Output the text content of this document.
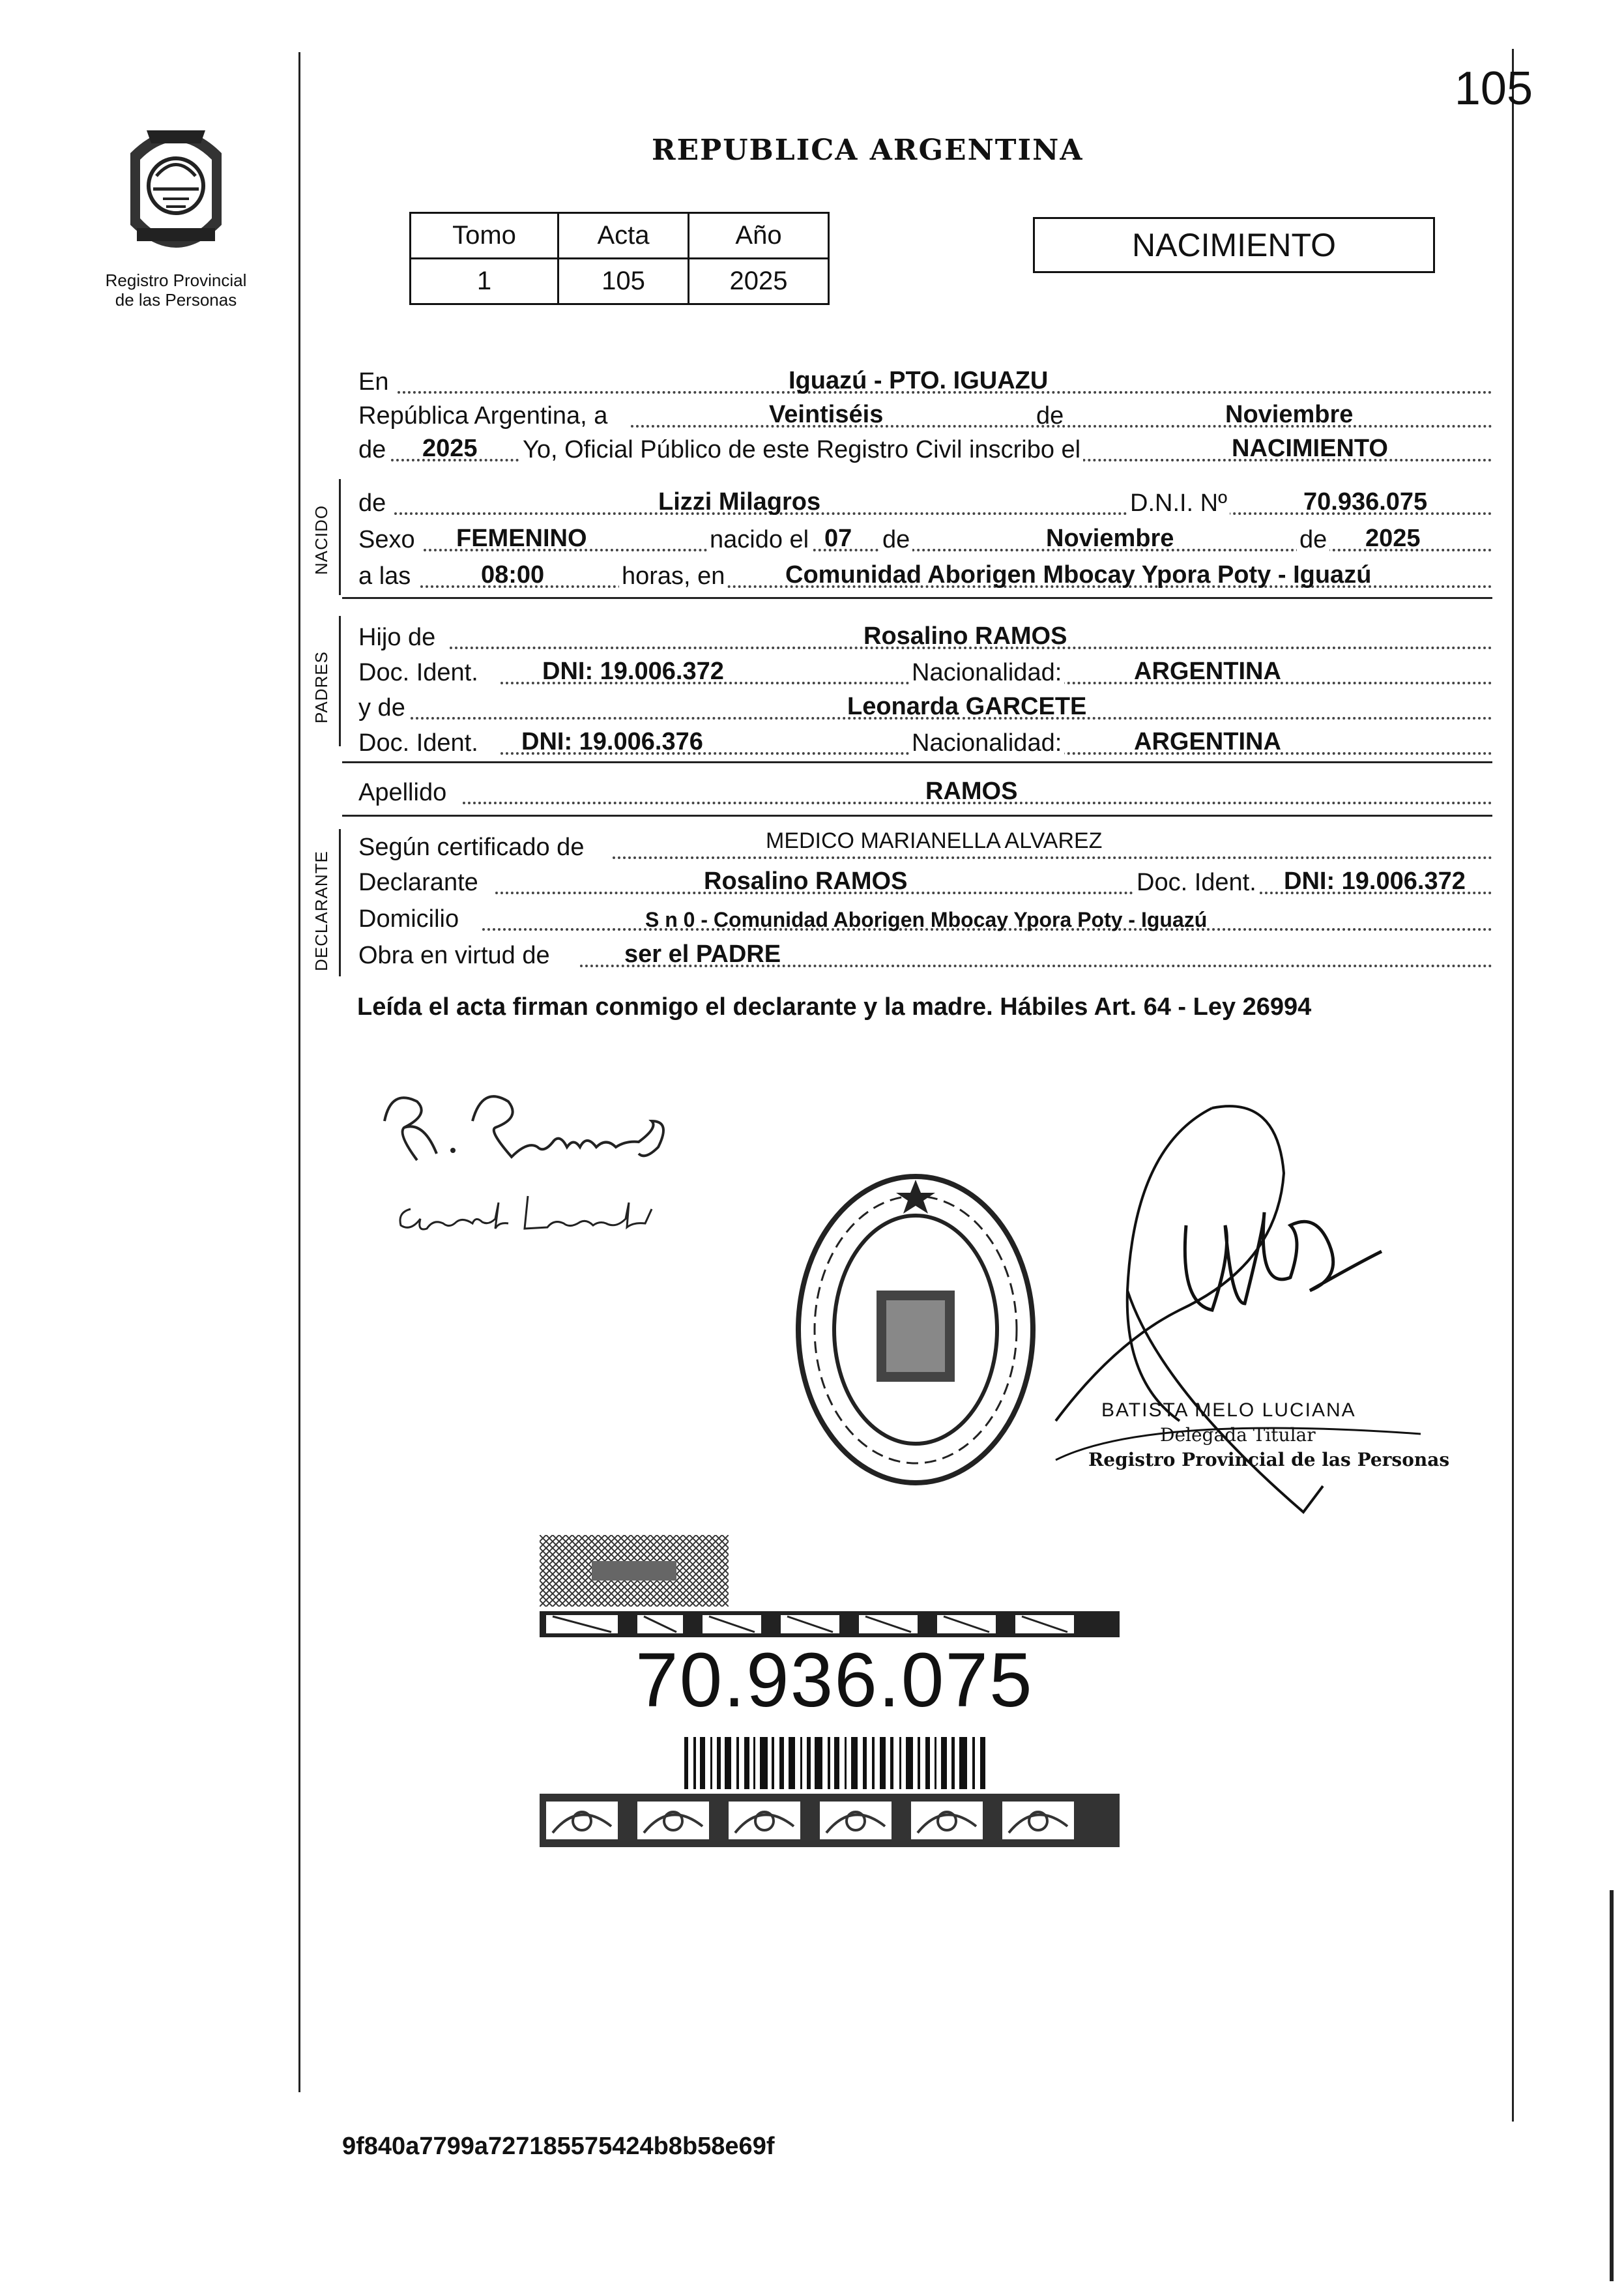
105
Registro Provincial
de las Personas
REPUBLICA ARGENTINA
Tomo	Acta	Año
1	105	2025
NACIMIENTO
En	Iguazú - PTO. IGUAZU
República Argentina, a	Veintiséis	de	Noviembre
de 2025 Yo, Oficial Público de este Registro Civil inscribo el	NACIMIENTO
NACIDO
de	Lizzi Milagros	D.N.I. Nº	70.936.075
Sexo FEMENINO	nacido el 07 de	Noviembre	de 2025
a las	08:00	horas, en Comunidad Aborigen Mbocay Ypora Poty - Iguazú
PADRES
Hijo de	Rosalino RAMOS
Doc. Ident.	DNI: 19.006.372	Nacionalidad:	ARGENTINA
y de	Leonarda GARCETE
Doc. Ident. DNI: 19.006.376	Nacionalidad:	ARGENTINA
Apellido	RAMOS
DECLARANTE
Según certificado de	MEDICO MARIANELLA ALVAREZ
Declarante	Rosalino RAMOS	Doc. Ident. DNI: 19.006.372
Domicilio	S n 0 - Comunidad Aborigen Mbocay Ypora Poty - Iguazú
Obra en virtud de	ser el PADRE
Leída el acta firman conmigo el declarante y la madre. Hábiles Art. 64 - Ley 26994
BATISTA MELO LUCIANA
Delegada Titular
Registro Provincial de las Personas
70.936.075
9f840a7799a727185575424b8b58e69f
